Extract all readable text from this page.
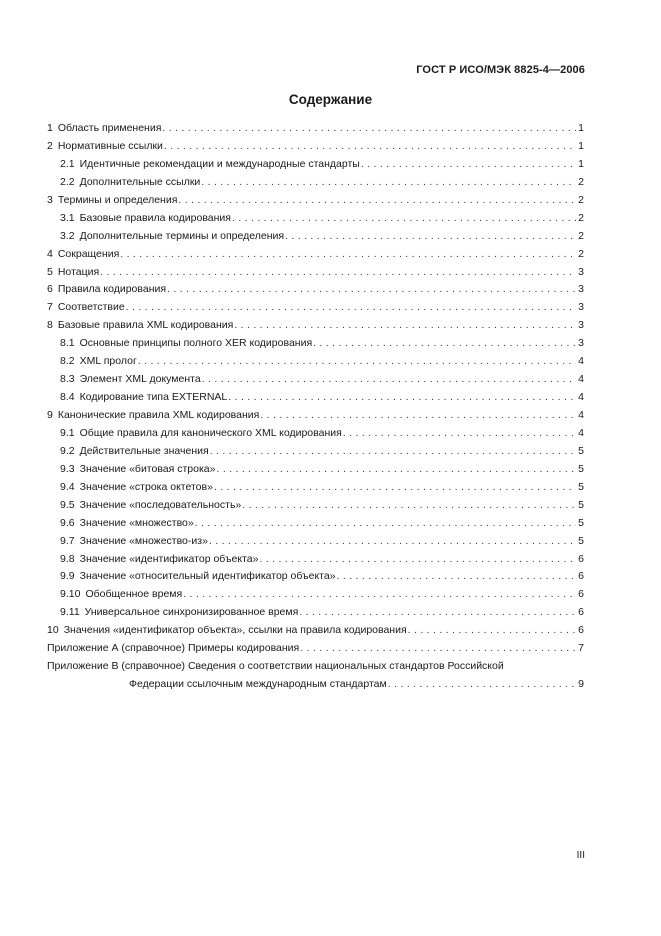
ГОСТ Р ИСО/МЭК 8825-4—2006
Содержание
1 Область применения . . .	1
2 Нормативные ссылки . . .	1
2.1 Идентичные рекомендации и международные стандарты . . .	1
2.2 Дополнительные ссылки . . .	2
3 Термины и определения . . .	2
3.1 Базовые правила кодирования . . .	2
3.2 Дополнительные термины и определения . . .	2
4 Сокращения . . .	2
5 Нотация . . .	3
6 Правила кодирования . . .	3
7 Соответствие . . .	3
8 Базовые правила XML кодирования . . .	3
8.1 Основные принципы полного XER кодирования . . .	3
8.2 XML пролог . . .	4
8.3 Элемент XML документа . . .	4
8.4 Кодирование типа EXTERNAL . . .	4
9 Канонические правила XML кодирования . . .	4
9.1 Общие правила для канонического XML кодирования . . .	4
9.2 Действительные значения . . .	5
9.3 Значение «битовая строка» . . .	5
9.4 Значение «строка октетов» . . .	5
9.5 Значение «последовательность» . . .	5
9.6 Значение «множество» . . .	5
9.7 Значение «множество-из» . . .	5
9.8 Значение «идентификатор объекта» . . .	6
9.9 Значение «относительный идентификатор объекта» . . .	6
9.10 Обобщенное время . . .	6
9.11 Универсальное синхронизированное время . . .	6
10 Значения «идентификатор объекта», ссылки на правила кодирования . . .	6
Приложение А (справочное) Примеры кодирования . . .	7
Приложение В (справочное) Сведения о соответствии национальных стандартов Российской
Федерации ссылочным международным стандартам . . .	9
III
